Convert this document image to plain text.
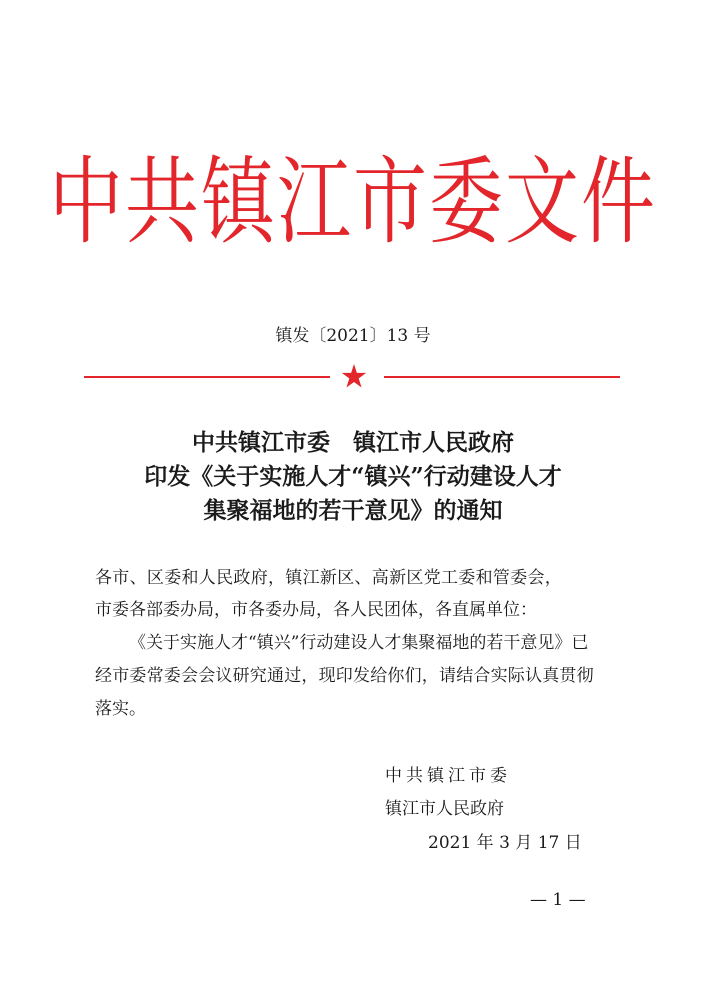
中共镇江市委文件
镇发〔2021〕13 号
中共镇江市委　镇江市人民政府
印发《关于实施人才“镇兴”行动建设人才
集聚福地的若干意见》的通知
各市、区委和人民政府，镇江新区、高新区党工委和管委会，
市委各部委办局，市各委办局，各人民团体，各直属单位：
《关于实施人才“镇兴”行动建设人才集聚福地的若干意见》已
经市委常委会会议研究通过，现印发给你们，请结合实际认真贯彻
落实。
中共镇江市委
镇江市人民政府
2021 年 3 月 17 日
— 1 —
